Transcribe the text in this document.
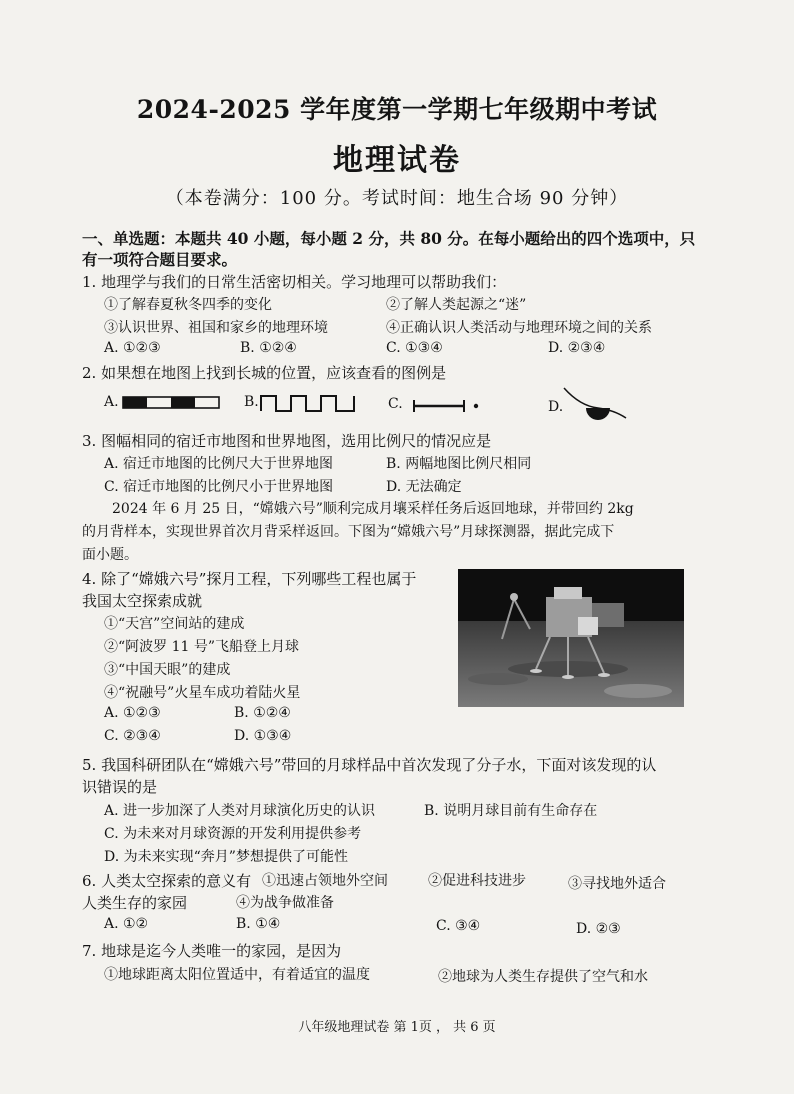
2024-2025 学年度第一学期七年级期中考试
地理试卷
（本卷满分：100 分。考试时间：地生合场 90 分钟）
一、单选题：本题共 40 小题，每小题 2 分，共 80 分。在每小题给出的四个选项中，只
有一项符合题目要求。
1. 地理学与我们的日常生活密切相关。学习地理可以帮助我们：
①了解春夏秋冬四季的变化	②了解人类起源之“迷”
③认识世界、祖国和家乡的地理环境	④正确认识人类活动与地理环境之间的关系
A. ①②③	B. ①②④	C. ①③④	D. ②③④
2. 如果想在地图上找到长城的位置，应该查看的图例是
A.	B.	C.	D.
3. 图幅相同的宿迁市地图和世界地图，选用比例尺的情况应是
A. 宿迁市地图的比例尺大于世界地图	B. 两幅地图比例尺相同
C. 宿迁市地图的比例尺小于世界地图	D. 无法确定
2024 年 6 月 25 日，“嫦娥六号”顺利完成月壤采样任务后返回地球，并带回约 2kg
的月背样本，实现世界首次月背采样返回。下图为“嫦娥六号”月球探测器，据此完成下
面小题。
4. 除了“嫦娥六号”探月工程，下列哪些工程也属于
我国太空探索成就
①“天宫”空间站的建成
②“阿波罗 11 号”飞船登上月球
③“中国天眼”的建成
④“祝融号”火星车成功着陆火星
A. ①②③	B. ①②④
C. ②③④	D. ①③④
5. 我国科研团队在“嫦娥六号”带回的月球样品中首次发现了分子水，下面对该发现的认
识错误的是
A. 进一步加深了人类对月球演化历史的认识	B. 说明月球目前有生命存在
C. 为未来对月球资源的开发利用提供参考
D. 为未来实现“奔月”梦想提供了可能性
6. 人类太空探索的意义有 ①迅速占领地外空间	②促进科技进步	③寻找地外适合
人类生存的家园	④为战争做准备
A. ①②	B. ①④	C. ③④	D. ②③
7. 地球是迄今人类唯一的家园，是因为
①地球距离太阳位置适中，有着适宜的温度	②地球为人类生存提供了空气和水
八年级地理试卷 第 1页 ， 共 6 页
